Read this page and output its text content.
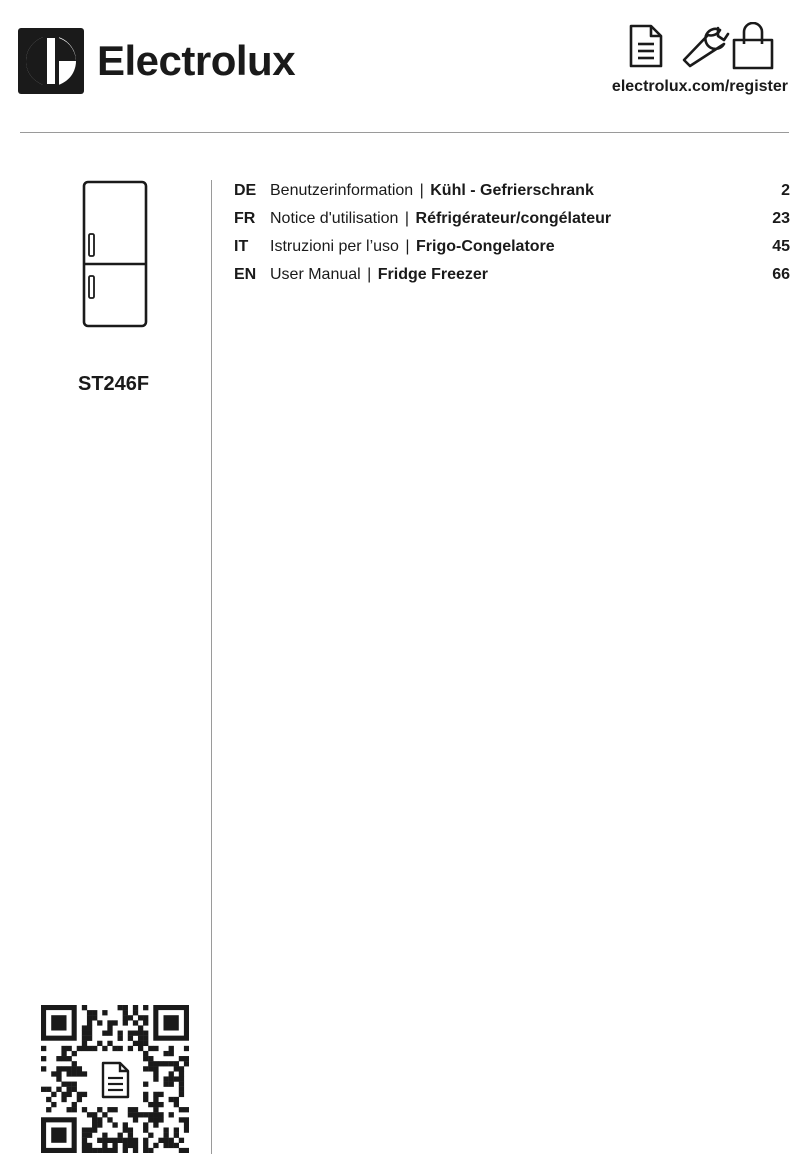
Electrolux
electrolux.com/register
ST246F
DE Benutzerinformation | Kühl - Gefrierschrank	2
FR Notice d'utilisation | Réfrigérateur/congélateur	23
IT Istruzioni per l’uso | Frigo-Congelatore	45
EN User Manual | Fridge Freezer	66
